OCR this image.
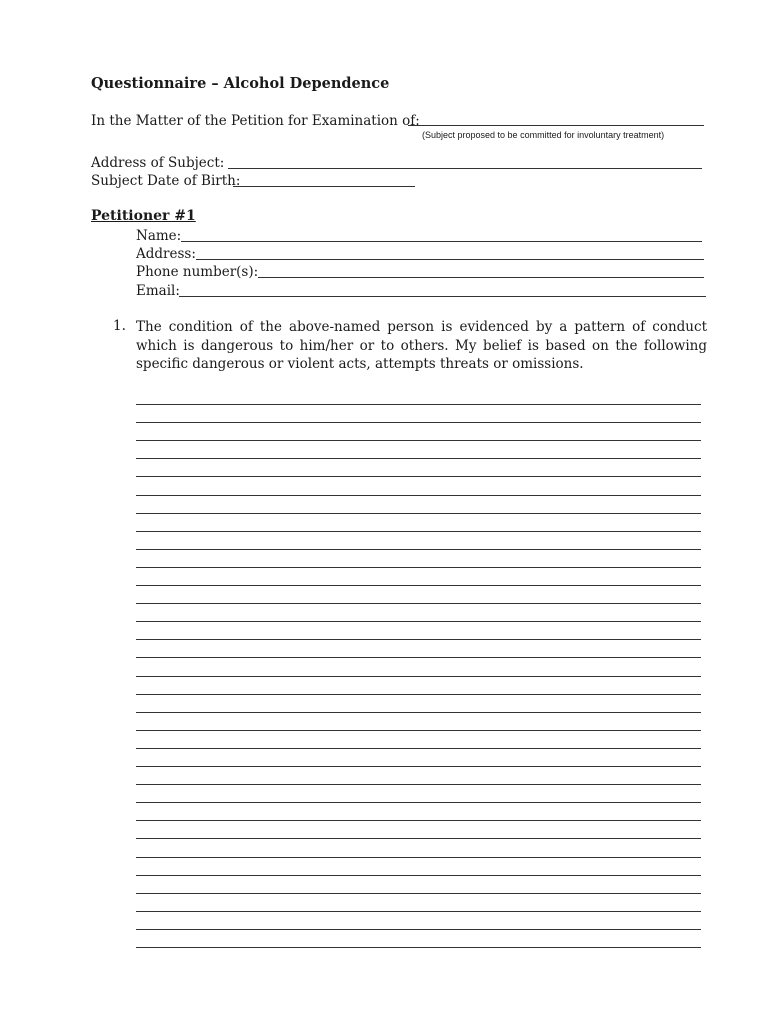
Questionnaire – Alcohol Dependence
In the Matter of the Petition for Examination of:
(Subject proposed to be committed for involuntary treatment)
Address of Subject:
Subject Date of Birth:
Petitioner #1
Name:
Address:
Phone number(s):
Email:
1. The condition of the above-named person is evidenced by a pattern of conduct which is dangerous to him/her or to others. My belief is based on the following specific dangerous or violent acts, attempts threats or omissions.
